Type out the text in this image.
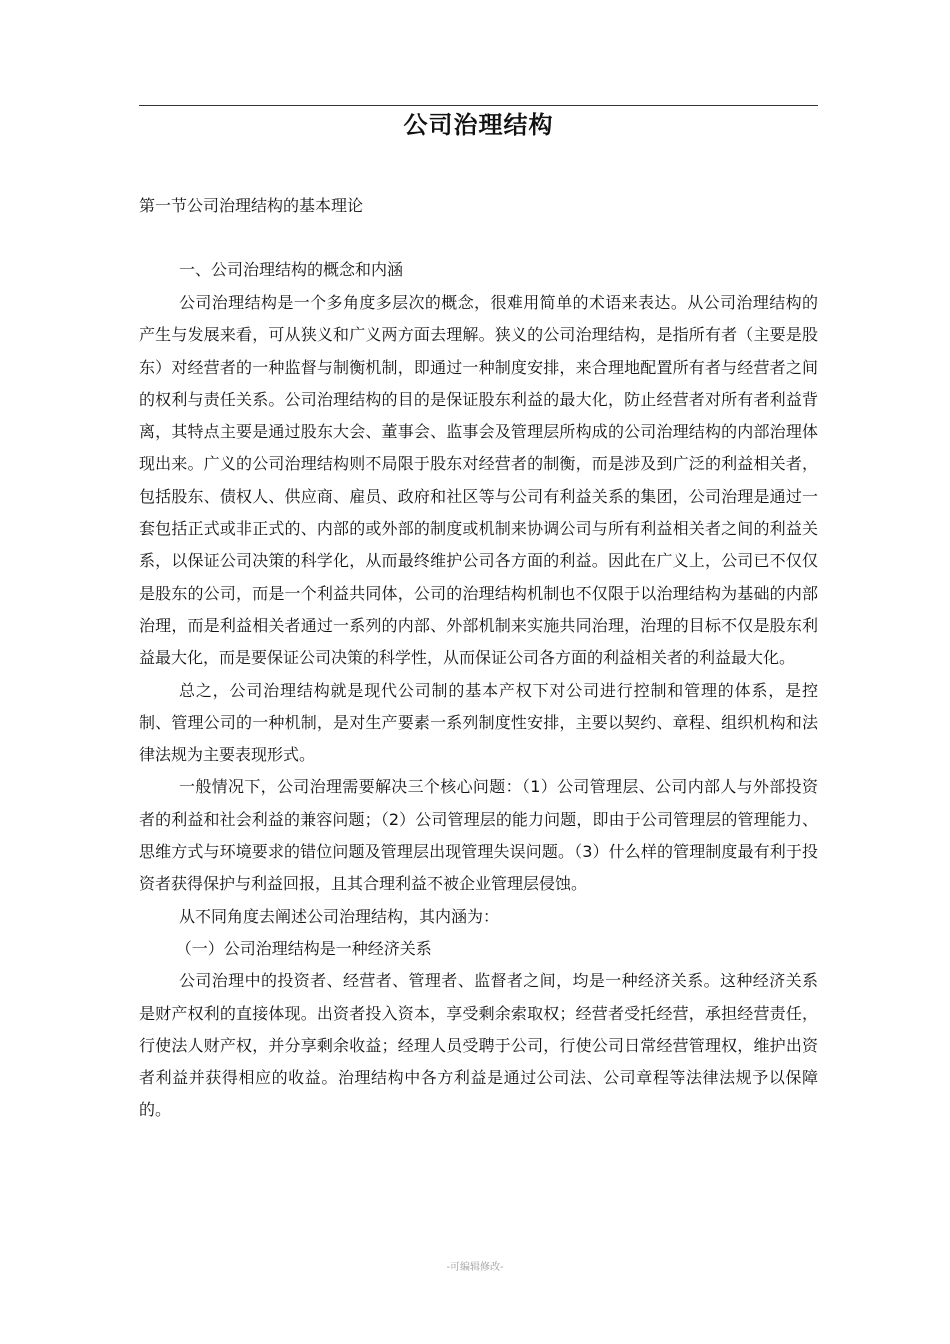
公司治理结构
第一节公司治理结构的基本理论
一、公司治理结构的概念和内涵

公司治理结构是一个多角度多层次的概念，很难用简单的术语来表达。从公司治理结构的产生与发展来看，可从狭义和广义两方面去理解。狭义的公司治理结构，是指所有者（主要是股东）对经营者的一种监督与制衡机制，即通过一种制度安排，来合理地配置所有者与经营者之间的权利与责任关系。公司治理结构的目的是保证股东利益的最大化，防止经营者对所有者利益背离，其特点主要是通过股东大会、董事会、监事会及管理层所构成的公司治理结构的内部治理体现出来。广义的公司治理结构则不局限于股东对经营者的制衡，而是涉及到广泛的利益相关者，包括股东、债权人、供应商、雇员、政府和社区等与公司有利益关系的集团，公司治理是通过一套包括正式或非正式的、内部的或外部的制度或机制来协调公司与所有利益相关者之间的利益关系，以保证公司决策的科学化，从而最终维护公司各方面的利益。因此在广义上，公司已不仅仅是股东的公司，而是一个利益共同体，公司的治理结构机制也不仅限于以治理结构为基础的内部治理，而是利益相关者通过一系列的内部、外部机制来实施共同治理，治理的目标不仅是股东利益最大化，而是要保证公司决策的科学性，从而保证公司各方面的利益相关者的利益最大化。

总之，公司治理结构就是现代公司制的基本产权下对公司进行控制和管理的体系，是控制、管理公司的一种机制，是对生产要素一系列制度性安排，主要以契约、章程、组织机构和法律法规为主要表现形式。

一般情况下，公司治理需要解决三个核心问题：（1）公司管理层、公司内部人与外部投资者的利益和社会利益的兼容问题；（2）公司管理层的能力问题，即由于公司管理层的管理能力、思维方式与环境要求的错位问题及管理层出现管理失误问题。（3）什么样的管理制度最有利于投资者获得保护与利益回报，且其合理利益不被企业管理层侵蚀。

从不同角度去阐述公司治理结构，其内涵为：

（一）公司治理结构是一种经济关系

公司治理中的投资者、经营者、管理者、监督者之间，均是一种经济关系。这种经济关系是财产权利的直接体现。出资者投入资本，享受剩余索取权；经营者受托经营，承担经营责任，行使法人财产权，并分享剩余收益；经理人员受聘于公司，行使公司日常经营管理权，维护出资者利益并获得相应的收益。治理结构中各方利益是通过公司法、公司章程等法律法规予以保障的。

-可编辑修改-
